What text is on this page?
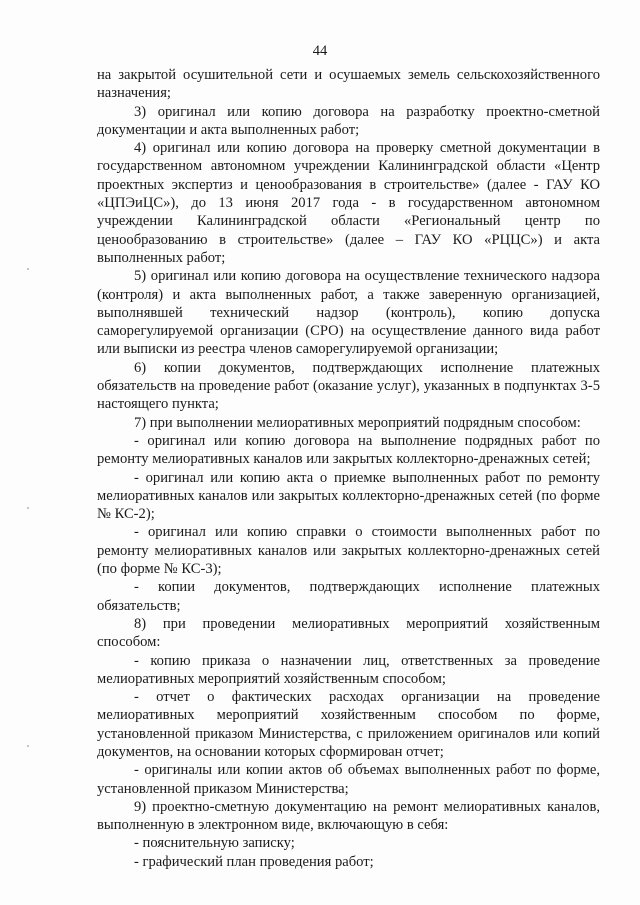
44

на закрытой осушительной сети и осушаемых земель сельскохозяйственного назначения;

3) оригинал или копию договора на разработку проектно-сметной документации и акта выполненных работ;

4) оригинал или копию договора на проверку сметной документации в государственном автономном учреждении Калининградской области «Центр проектных экспертиз и ценообразования в строительстве» (далее - ГАУ КО «ЦПЭиЦС»), до 13 июня 2017 года - в государственном автономном учреждении Калининградской области «Региональный центр по ценообразованию в строительстве» (далее – ГАУ КО «РЦЦС») и акта выполненных работ;

5) оригинал или копию договора на осуществление технического надзора (контроля) и акта выполненных работ, а также заверенную организацией, выполнявшей технический надзор (контроль), копию допуска саморегулируемой организации (СРО) на осуществление данного вида работ или выписки из реестра членов саморегулируемой организации;

6) копии документов, подтверждающих исполнение платежных обязательств на проведение работ (оказание услуг), указанных в подпунктах 3-5 настоящего пункта;

7) при выполнении мелиоративных мероприятий подрядным способом:

- оригинал или копию договора на выполнение подрядных работ по ремонту мелиоративных каналов или закрытых коллекторно-дренажных сетей;

- оригинал или копию акта о приемке выполненных работ по ремонту мелиоративных каналов или закрытых коллекторно-дренажных сетей (по форме № КС-2);

- оригинал или копию справки о стоимости выполненных работ по ремонту мелиоративных каналов или закрытых коллекторно-дренажных сетей (по форме № КС-3);

- копии документов, подтверждающих исполнение платежных обязательств;

8) при проведении мелиоративных мероприятий хозяйственным способом:

- копию приказа о назначении лиц, ответственных за проведение мелиоративных мероприятий хозяйственным способом;

- отчет о фактических расходах организации на проведение мелиоративных мероприятий хозяйственным способом по форме, установленной приказом Министерства, с приложением оригиналов или копий документов, на основании которых сформирован отчет;

- оригиналы или копии актов об объемах выполненных работ по форме, установленной приказом Министерства;

9) проектно-сметную документацию на ремонт мелиоративных каналов, выполненную в электронном виде, включающую в себя:

- пояснительную записку;

- графический план проведения работ;
